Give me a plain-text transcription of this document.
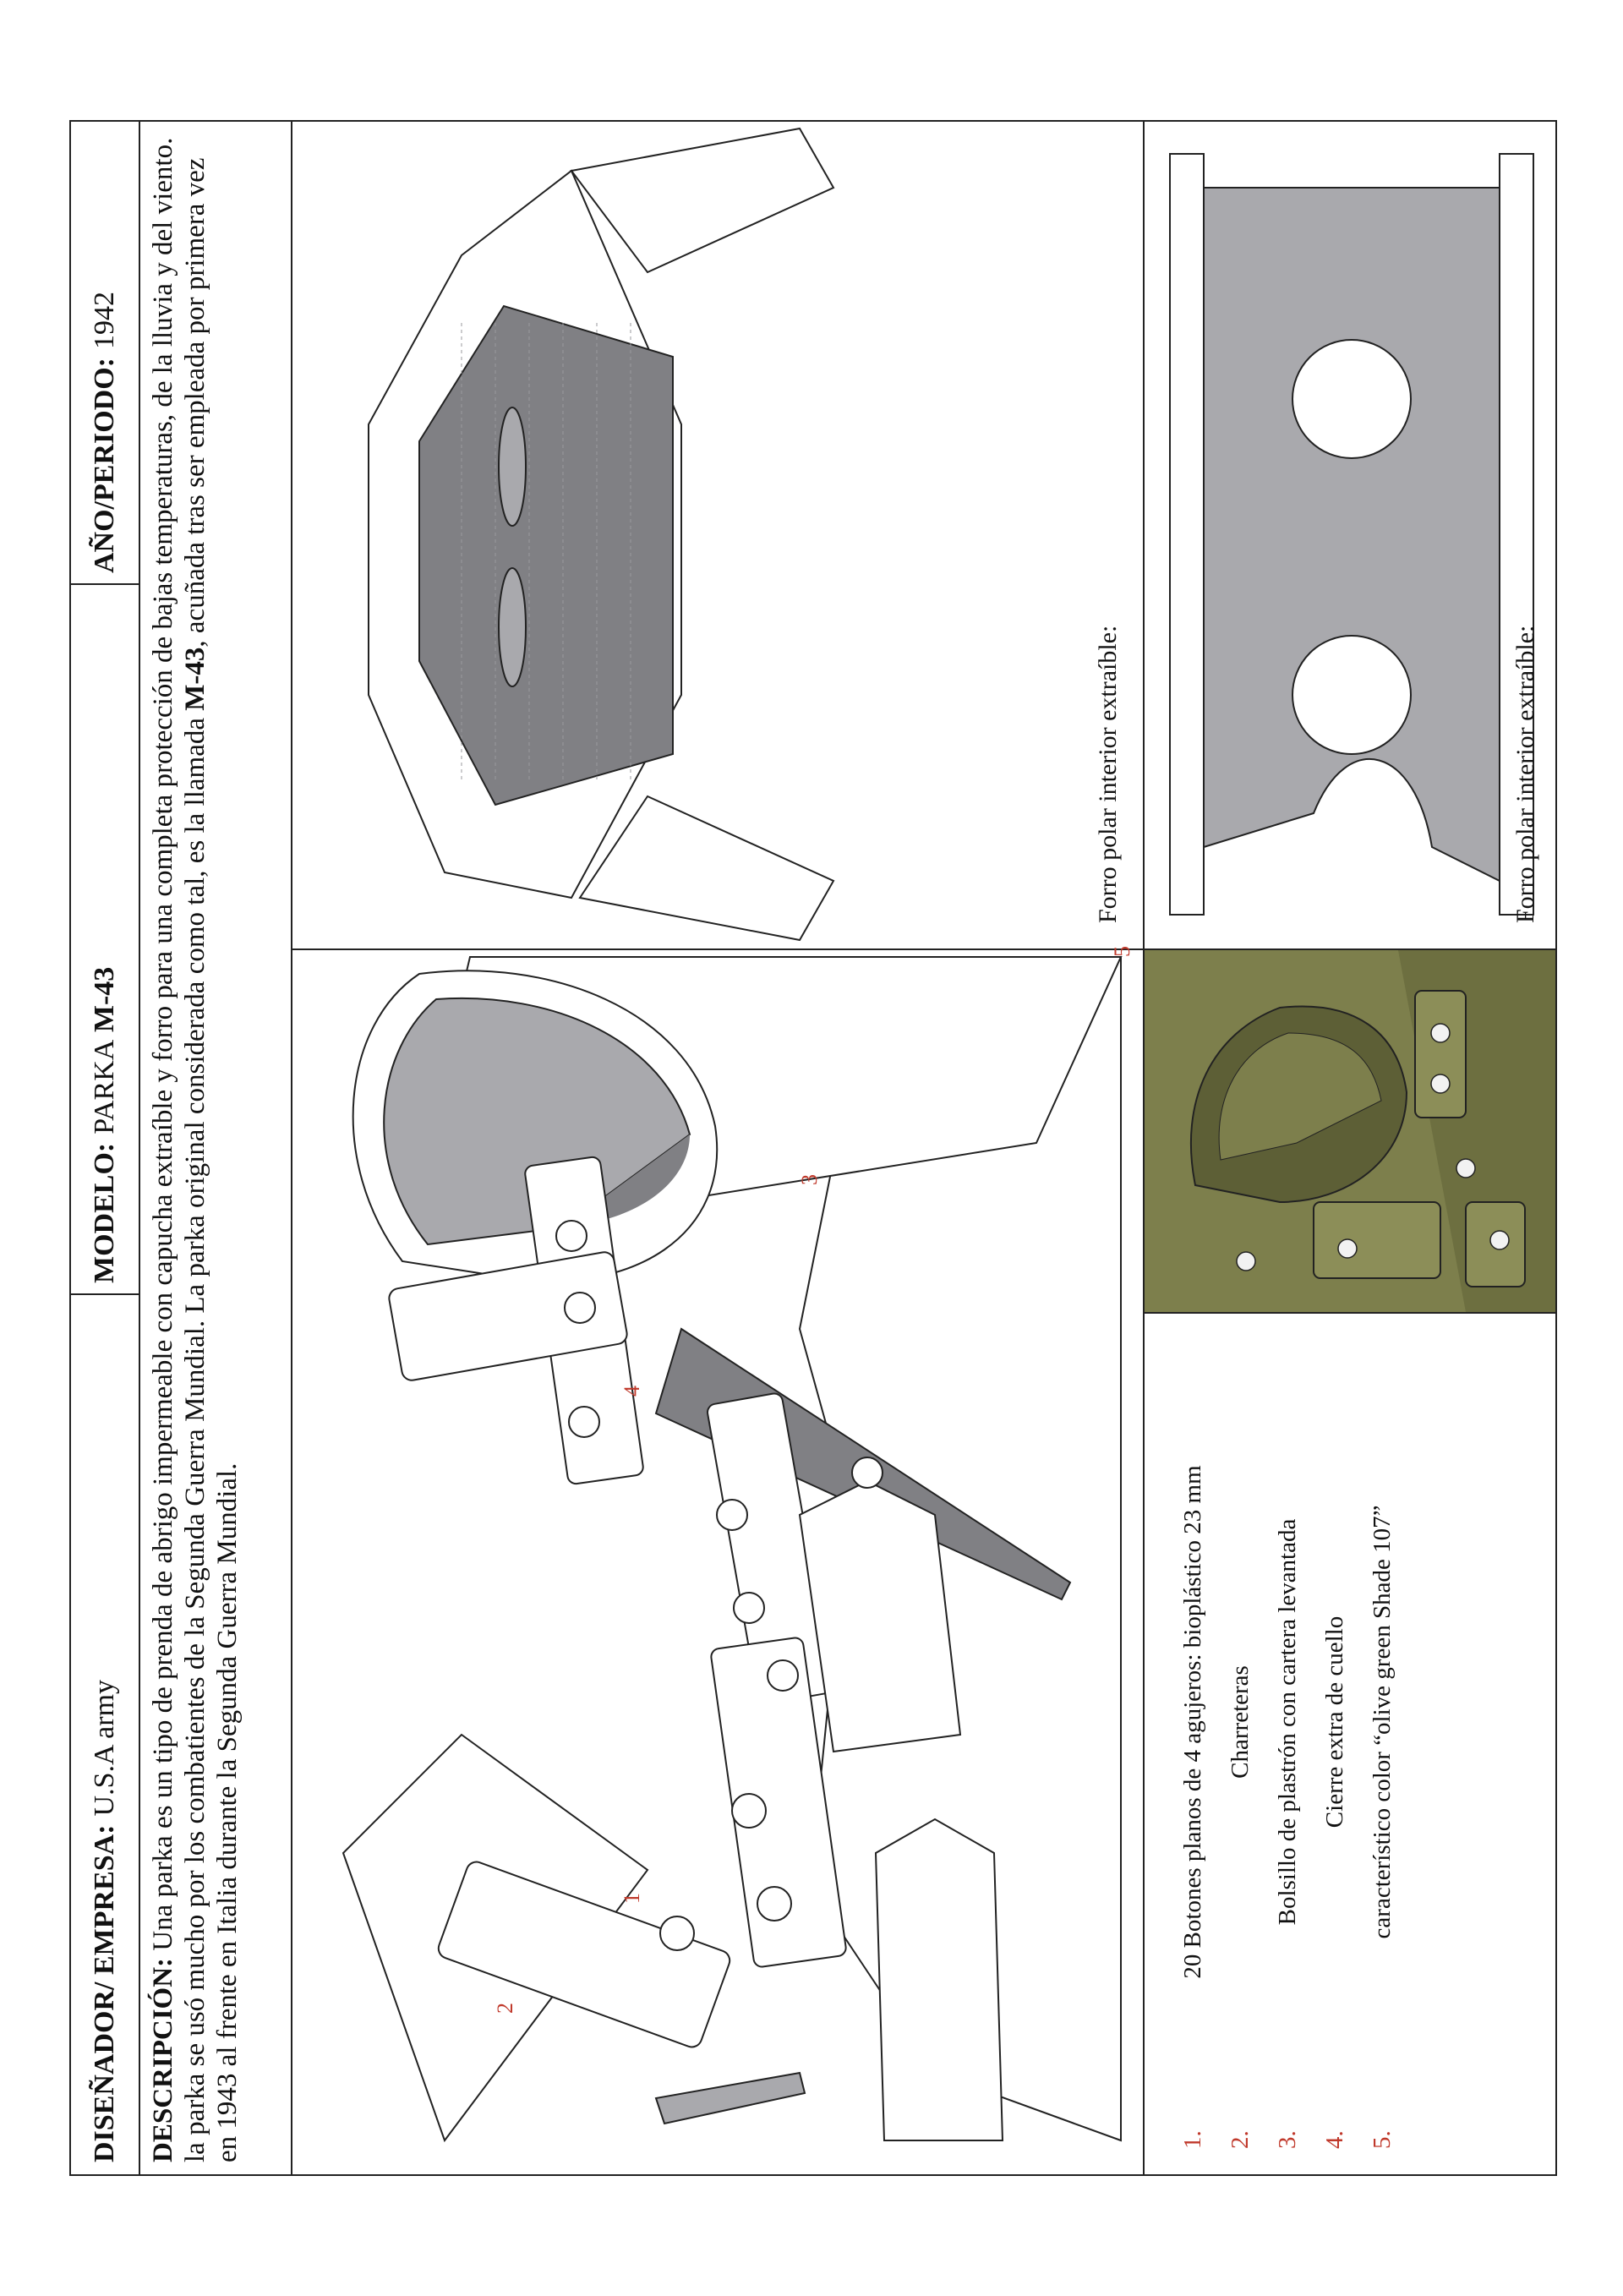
DISEÑADOR/ EMPRESA:
U.S.A army
MODELO:
PARKA

M-43
AÑO/PERIODO:
1942
DESCRIPCIÓN: Una parka es un tipo de prenda de abrigo impermeable con capucha extraíble y forro para una completa protección de bajas temperaturas, de la lluvia y del viento. la parka se usó mucho por los combatientes de la Segunda Guerra Mundial. La parka original considerada como tal, es la llamada M-43, acuñada tras ser empleada por primera vez en 1943 al frente en Italia durante la Segunda Guerra Mundial.	1
2
3
4
5
Forro polar interior extraíble:	Forro polar interior extraíble:
1.
20 Botones planos de 4 agujeros: bioplástico 23 mm
2.
Charreteras
3.
Bolsillo de plastrón con cartera levantada
4.
Cierre extra de cuello
5.
característico color “olive green Shade 107”
